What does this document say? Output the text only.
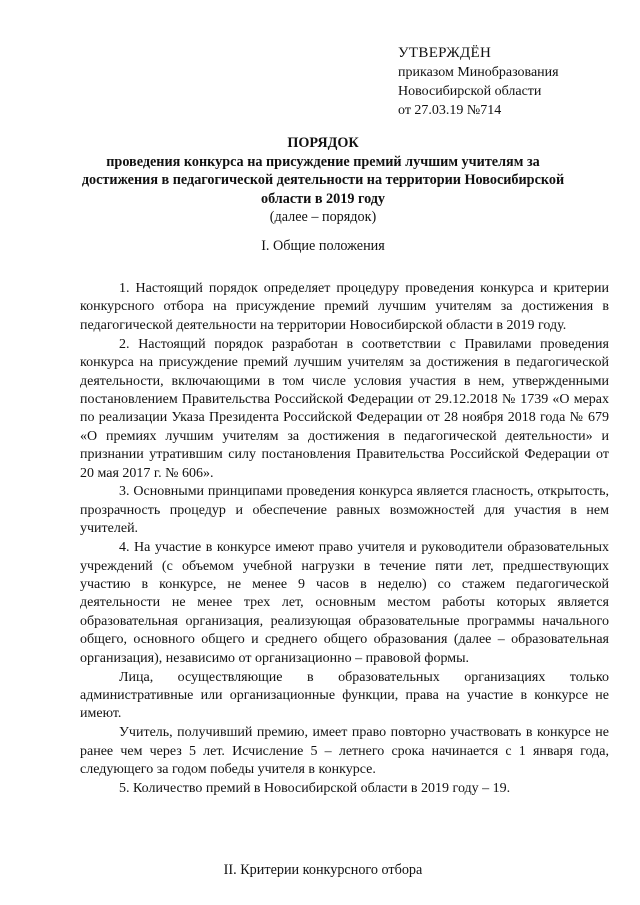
УТВЕРЖДЁН
приказом Минобразования
Новосибирской области
от 27.03.19 №714
ПОРЯДОК
проведения конкурса на присуждение премий лучшим учителям за достижения в педагогической деятельности на территории Новосибирской области в 2019 году
(далее – порядок)
I. Общие положения

1. Настоящий порядок определяет процедуру проведения конкурса и критерии конкурсного отбора на присуждение премий лучшим учителям за достижения в педагогической деятельности на территории Новосибирской области в 2019 году.

2. Настоящий порядок разработан в соответствии с Правилами проведения конкурса на присуждение премий лучшим учителям за достижения в педагогической деятельности, включающими в том числе условия участия в нем, утвержденными постановлением Правительства Российской Федерации от 29.12.2018 № 1739 «О мерах по реализации Указа Президента Российской Федерации от 28 ноября 2018 года № 679 «О премиях лучшим учителям за достижения в педагогической деятельности» и признании утратившим силу постановления Правительства Российской Федерации от 20 мая 2017 г. № 606».

3. Основными принципами проведения конкурса является гласность, открытость, прозрачность процедур и обеспечение равных возможностей для участия в нем учителей.

4. На участие в конкурсе имеют право учителя и руководители образовательных учреждений (с объемом учебной нагрузки в течение пяти лет, предшествующих участию в конкурсе, не менее 9 часов в неделю) со стажем педагогической деятельности не менее трех лет, основным местом работы которых является образовательная организация, реализующая образовательные программы начального общего, основного общего и среднего общего образования (далее – образовательная организация), независимо от организационно – правовой формы.

Лица, осуществляющие в образовательных организациях только административные или организационные функции, права на участие в конкурсе не имеют.

Учитель, получивший премию, имеет право повторно участвовать в конкурсе не ранее чем через 5 лет. Исчисление 5 – летнего срока начинается с 1 января года, следующего за годом победы учителя в конкурсе.

5. Количество премий в Новосибирской области в 2019 году – 19.

II. Критерии конкурсного отбора
